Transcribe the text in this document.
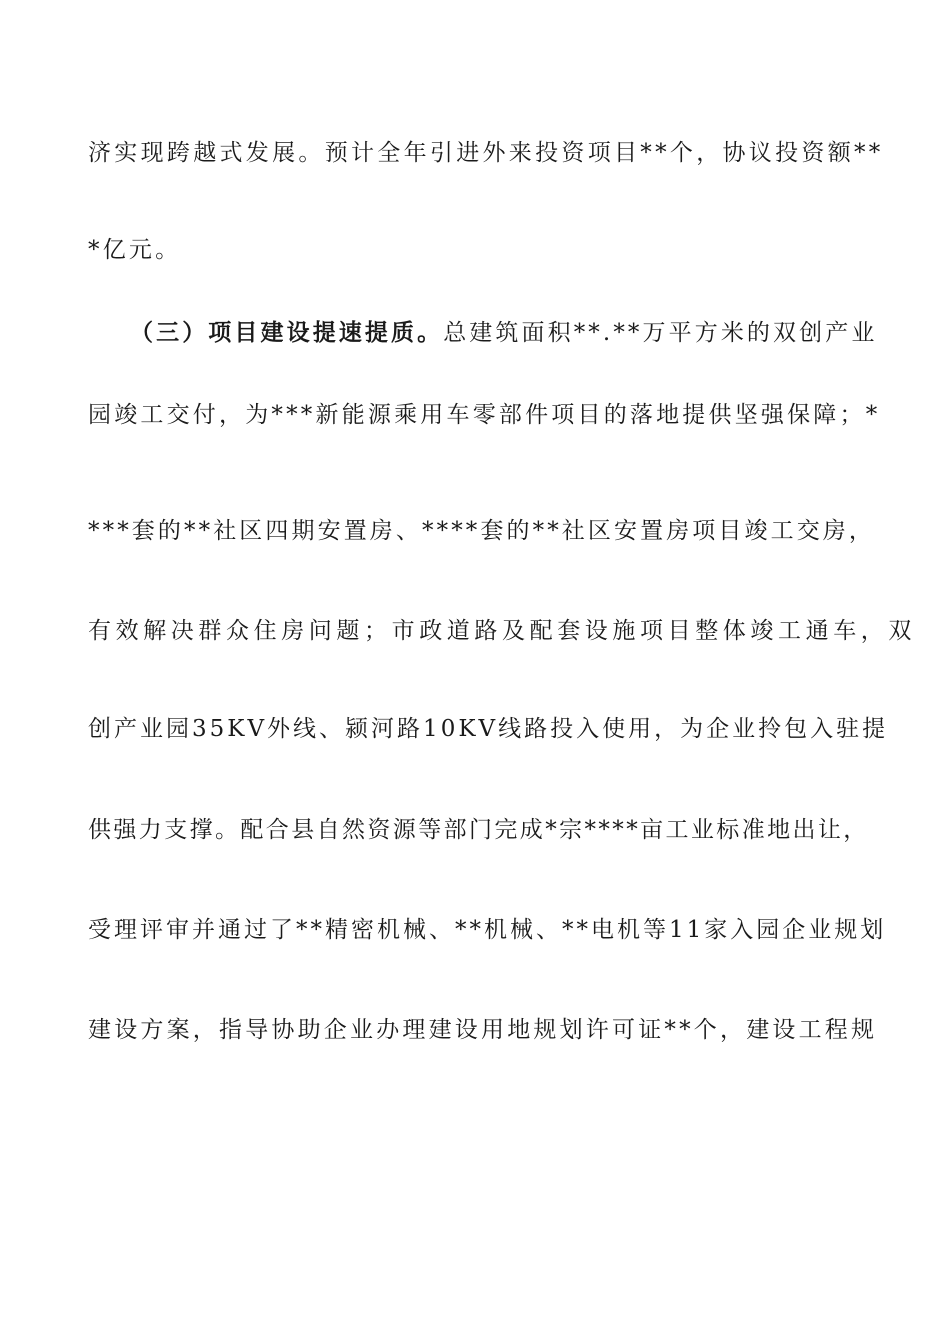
济实现跨越式发展。预计全年引进外来投资项目**个，协议投资额**
*亿元。
（三）项目建设提速提质。总建筑面积**.**万平方米的双创产业
园竣工交付，为***新能源乘用车零部件项目的落地提供坚强保障；*
***套的**社区四期安置房、****套的**社区安置房项目竣工交房，
有效解决群众住房问题；市政道路及配套设施项目整体竣工通车，双
创产业园35KV外线、颍河路10KV线路投入使用，为企业拎包入驻提
供强力支撑。配合县自然资源等部门完成*宗****亩工业标准地出让，
受理评审并通过了**精密机械、**机械、**电机等11家入园企业规划
建设方案，指导协助企业办理建设用地规划许可证**个，建设工程规
